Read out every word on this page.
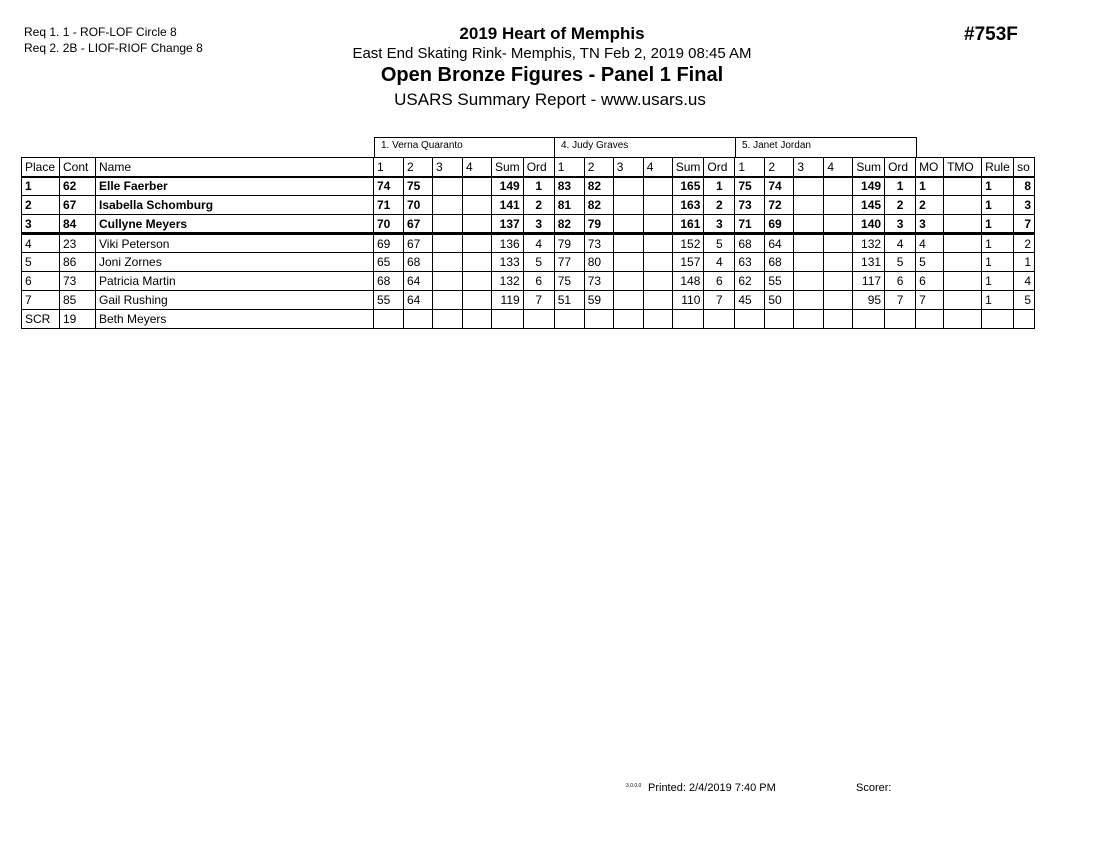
Req 1. 1 - ROF-LOF Circle 8
Req 2. 2B - LIOF-RIOF Change 8
#753F
2019 Heart of Memphis
East End Skating Rink- Memphis, TN Feb 2, 2019 08:45 AM
Open Bronze Figures - Panel 1 Final
USARS Summary Report - www.usars.us
1. Verna Quaranto	4. Judy Graves	5. Janet Jordan
Place	Cont	Name	1	2	3	4	Sum	Ord	1	2	3	4	Sum	Ord	1	2	3	4	Sum	Ord	MO	TMO	Rule	so
1	62	Elle Faerber	74	75			149	1	83	82			165	1	75	74			149	1	1		1	8
2	67	Isabella Schomburg	71	70			141	2	81	82			163	2	73	72			145	2	2		1	3
3	84	Cullyne Meyers	70	67			137	3	82	79			161	3	71	69			140	3	3		1	7
4	23	Viki Peterson	69	67			136	4	79	73			152	5	68	64			132	4	4		1	2
5	86	Joni Zornes	65	68			133	5	77	80			157	4	63	68			131	5	5		1	1
6	73	Patricia Martin	68	64			132	6	75	73			148	6	62	55			117	6	6		1	4
7	85	Gail Rushing	55	64			119	7	51	59			110	7	45	50			95	7	7		1	5
SCR	19	Beth Meyers																						
3.0.0.0 Printed: 2/4/2019 7:40 PM	Scorer:
